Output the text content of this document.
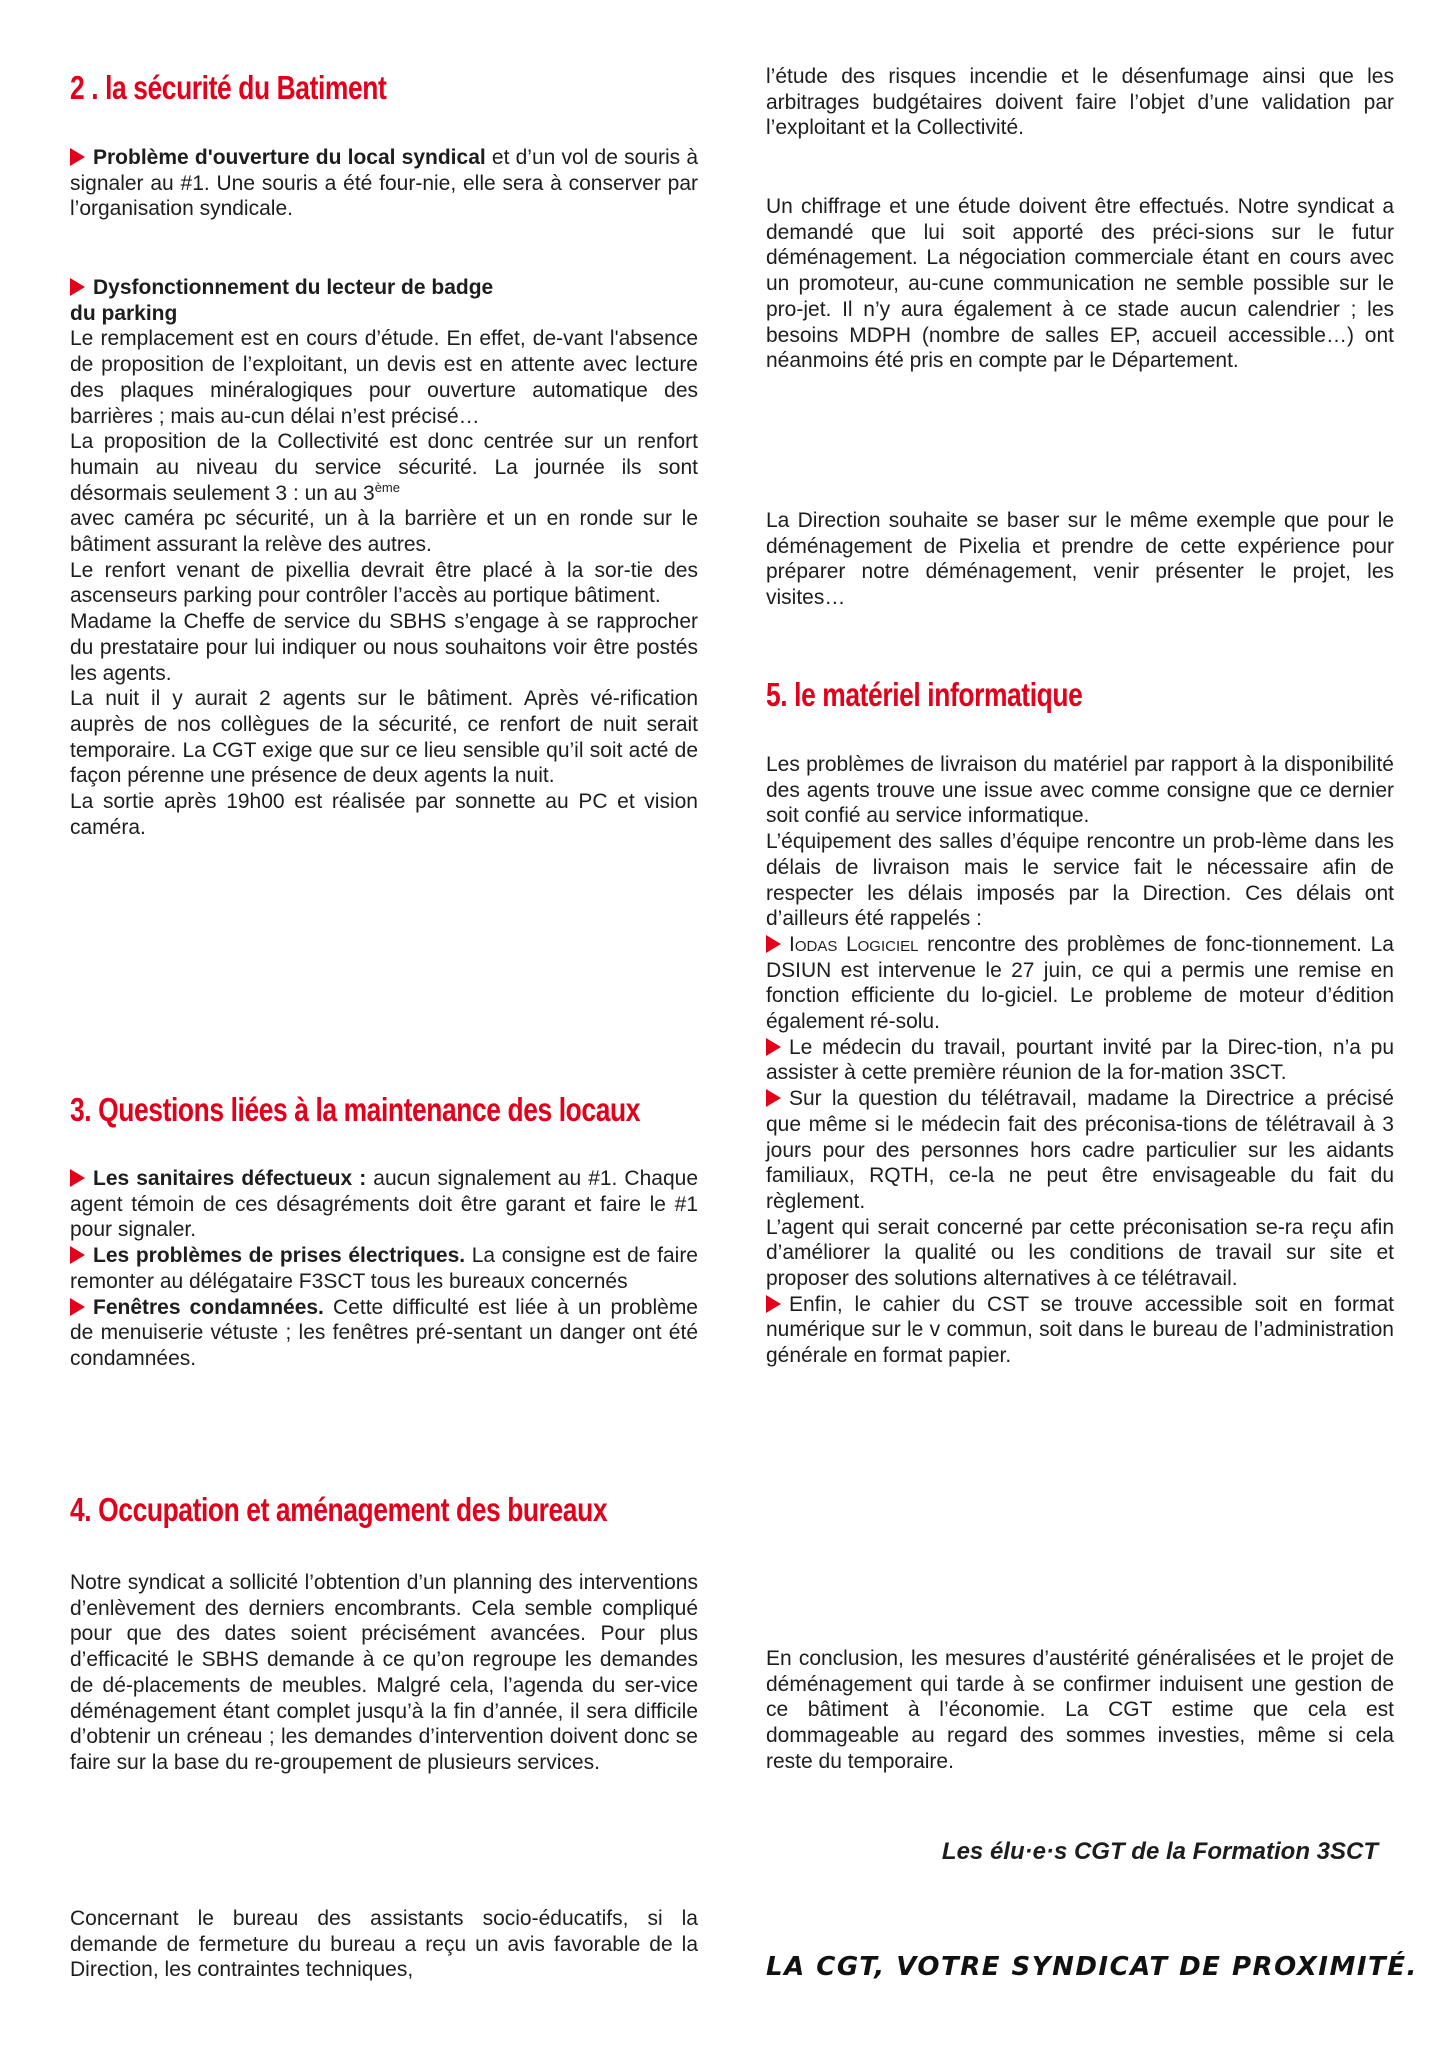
2 . la sécurité du Batiment
Problème d'ouverture du local syndical et d’un vol de souris à signaler au #1. Une souris a été four-nie, elle sera à conserver par l’organisation syndicale.
Dysfonctionnement du lecteur de badge
du parking
Le remplacement est en cours d’étude. En effet, de-vant l'absence de proposition de l’exploitant, un devis est en attente avec lecture des plaques minéralogiques pour ouverture automatique des barrières ; mais au-cun délai n’est précisé…
La proposition de la Collectivité est donc centrée sur un renfort humain au niveau du service sécurité. La journée ils sont désormais seulement 3 : un au 3ème
avec caméra pc sécurité, un à la barrière et un en ronde sur le bâtiment assurant la relève des autres.
Le renfort venant de pixellia devrait être placé à la sor-tie des ascenseurs parking pour contrôler l’accès au portique bâtiment.
Madame la Cheffe de service du SBHS s’engage à se rapprocher du prestataire pour lui indiquer ou nous souhaitons voir être postés les agents.
La nuit il y aurait 2 agents sur le bâtiment. Après vé-rification auprès de nos collègues de la sécurité, ce renfort de nuit serait temporaire. La CGT exige que sur ce lieu sensible qu’il soit acté de façon pérenne une présence de deux agents la nuit.
La sortie après 19h00 est réalisée par sonnette au PC et vision caméra.
3. Questions liées à la maintenance des locaux
Les sanitaires défectueux : aucun signalement au #1. Chaque agent témoin de ces désagréments doit être garant et faire le #1 pour signaler.
Les problèmes de prises électriques. La consigne est de faire remonter au délégataire F3SCT tous les bureaux concernés
Fenêtres condamnées. Cette difficulté est liée à un problème de menuiserie vétuste ; les fenêtres pré-sentant un danger ont été condamnées.
4. Occupation et aménagement des bureaux
Notre syndicat a sollicité l’obtention d’un planning des interventions d’enlèvement des derniers encombrants. Cela semble compliqué pour que des dates soient précisément avancées. Pour plus d’efficacité le SBHS demande à ce qu’on regroupe les demandes de dé-placements de meubles. Malgré cela, l’agenda du ser-vice déménagement étant complet jusqu’à la fin d’année, il sera difficile d’obtenir un créneau ; les demandes d’intervention doivent donc se faire sur la base du re-groupement de plusieurs services.
Concernant le bureau des assistants socio-éducatifs, si la demande de fermeture du bureau a reçu un avis favorable de la Direction, les contraintes techniques,
l’étude des risques incendie et le désenfumage ainsi que les arbitrages budgétaires doivent faire l’objet d’une validation par l’exploitant et la Collectivité.
Un chiffrage et une étude doivent être effectués. Notre syndicat a demandé que lui soit apporté des préci-sions sur le futur déménagement. La négociation commerciale étant en cours avec un promoteur, au-cune communication ne semble possible sur le pro-jet. Il n’y aura également à ce stade aucun calendrier ; les besoins MDPH (nombre de salles EP, accueil accessible…) ont néanmoins été pris en compte par le Département.
La Direction souhaite se baser sur le même exemple que pour le déménagement de Pixelia et prendre de cette expérience pour préparer notre déménagement, venir présenter le projet, les visites…
5. le matériel informatique
Les problèmes de livraison du matériel par rapport à la disponibilité des agents trouve une issue avec comme consigne que ce dernier soit confié au service informatique.
L’équipement des salles d’équipe rencontre un prob-lème dans les délais de livraison mais le service fait le nécessaire afin de respecter les délais imposés par la Direction. Ces délais ont d’ailleurs été rappelés :
Iodas Logiciel rencontre des problèmes de fonc-tionnement. La DSIUN est intervenue le 27 juin, ce qui a permis une remise en fonction efficiente du lo-giciel. Le probleme de moteur d’édition également ré-solu.
Le médecin du travail, pourtant invité par la Direc-tion, n’a pu assister à cette première réunion de la for-mation 3SCT.
Sur la question du télétravail, madame la Directrice a précisé que même si le médecin fait des préconisa-tions de télétravail à 3 jours pour des personnes hors cadre particulier sur les aidants familiaux, RQTH, ce-la ne peut être envisageable du fait du règlement.
L’agent qui serait concerné par cette préconisation se-ra reçu afin d’améliorer la qualité ou les conditions de travail sur site et proposer des solutions alternatives à ce télétravail.
Enfin, le cahier du CST se trouve accessible soit en format numérique sur le v commun, soit dans le bureau de l’administration générale en format papier.
En conclusion, les mesures d’austérité généralisées et le projet de déménagement qui tarde à se confirmer induisent une gestion de ce bâtiment à l’économie. La CGT estime que cela est dommageable au regard des sommes investies, même si cela reste du temporaire.
Les élu·e·s CGT de la Formation 3SCT
LA CGT, VOTRE SYNDICAT DE PROXIMITÉ.
